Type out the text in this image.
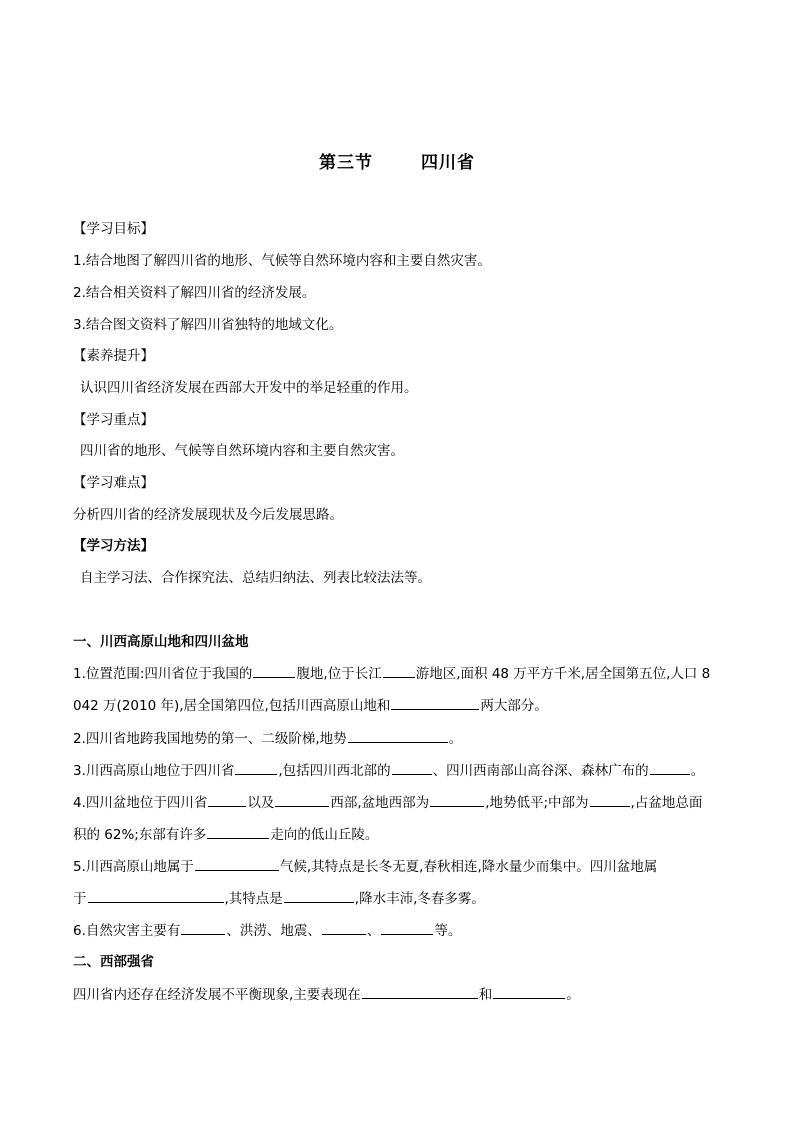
第三节	四川省
【学习目标】
1.结合地图了解四川省的地形、气候等自然环境内容和主要自然灾害。
2.结合相关资料了解四川省的经济发展。
3.结合图文资料了解四川省独特的地域文化。
【素养提升】
认识四川省经济发展在西部大开发中的举足轻重的作用。
【学习重点】
四川省的地形、气候等自然环境内容和主要自然灾害。
【学习难点】
分析四川省的经济发展现状及今后发展思路。
【学习方法】
自主学习法、合作探究法、总结归纳法、列表比较法法等。
一、川西高原山地和四川盆地
1.位置范围:四川省位于我国的	腹地,位于长江	游地区,面积 48 万平方千米,居全国第五位,人口 8
042 万(2010 年),居全国第四位,包括川西高原山地和	两大部分。
2.四川省地跨我国地势的第一、二级阶梯,地势	。
3.川西高原山地位于四川省	,包括四川西北部的	、四川西南部山高谷深、森林广布的	。
4.四川盆地位于四川省	以及	西部,盆地西部为	,地势低平;中部为	,占盆地总面
积的 62%;东部有许多	走向的低山丘陵。
5.川西高原山地属于	气候,其特点是长冬无夏,春秋相连,降水量少而集中。四川盆地属
于	,其特点是	,降水丰沛,冬春多雾。
6.自然灾害主要有	、洪涝、地震、	、	等。
二、西部强省
四川省内还存在经济发展不平衡现象,主要表现在	和	。
